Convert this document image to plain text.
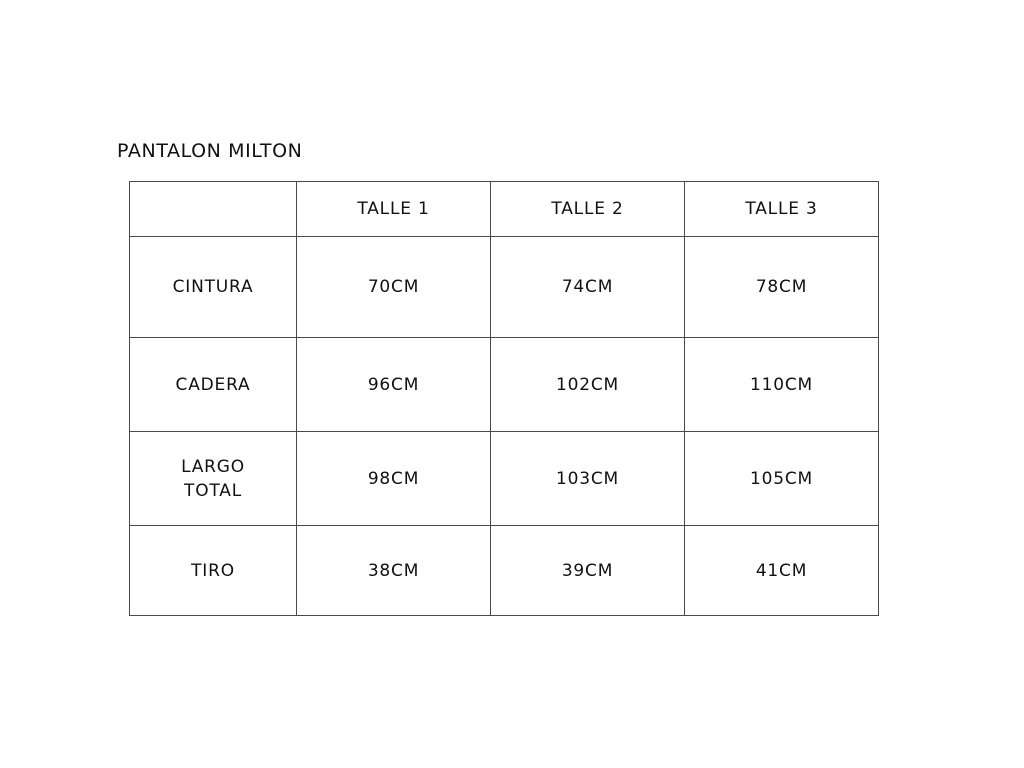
PANTALON MILTON
	TALLE 1	TALLE 2	TALLE 3

CINTURA	70CM	74CM	78CM

CADERA	96CM	102CM	110CM

LARGO
TOTAL	98CM	103CM	105CM

TIRO	38CM	39CM	41CM
